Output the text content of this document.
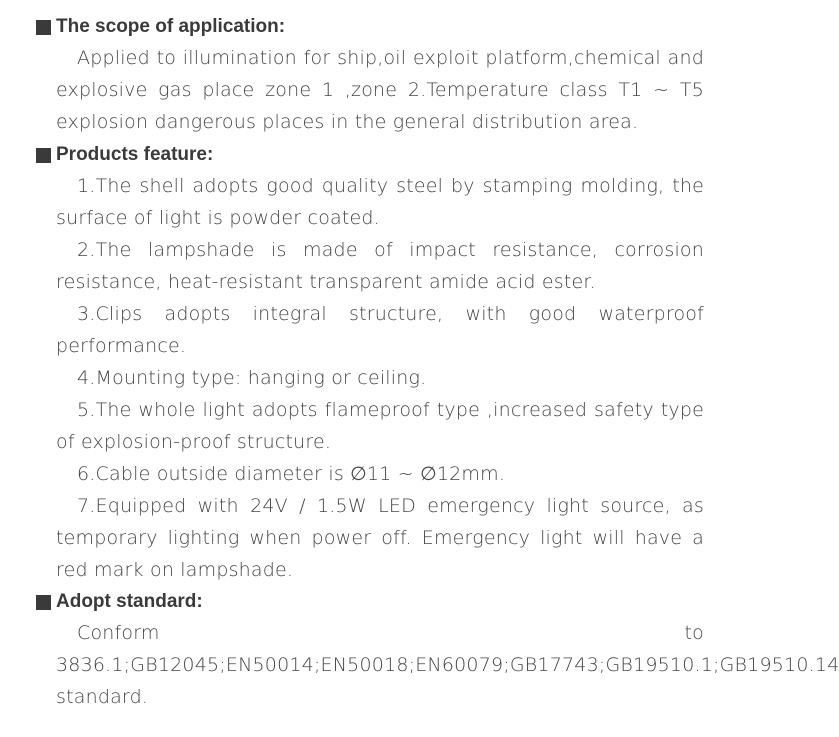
The scope of application:

Applied to illumination for ship,oil exploit platform,chemical and explosive gas place zone 1 ,zone 2.Temperature class T1 ~ T5 explosion dangerous places in the general distribution area.

Products feature:

1.The shell adopts good quality steel by stamping molding, the surface of light is powder coated.

2.The lampshade is made of impact resistance, corrosion resistance, heat-resistant transparent amide acid ester.

3.Clips adopts integral structure, with good waterproof performance.

4.Mounting type: hanging or ceiling.

5.The whole light adopts flameproof type ,increased safety type of explosion-proof structure.

6.Cable outside diameter is ∅11 ~ ∅12mm.

7.Equipped with 24V / 1.5W LED emergency light source, as temporary lighting when power off. Emergency light will have a red mark on lampshade.

Adopt standard:

Conform to 3836.1;GB12045;EN50014;EN50018;EN60079;GB17743;GB19510.1;GB19510.14 standard.
